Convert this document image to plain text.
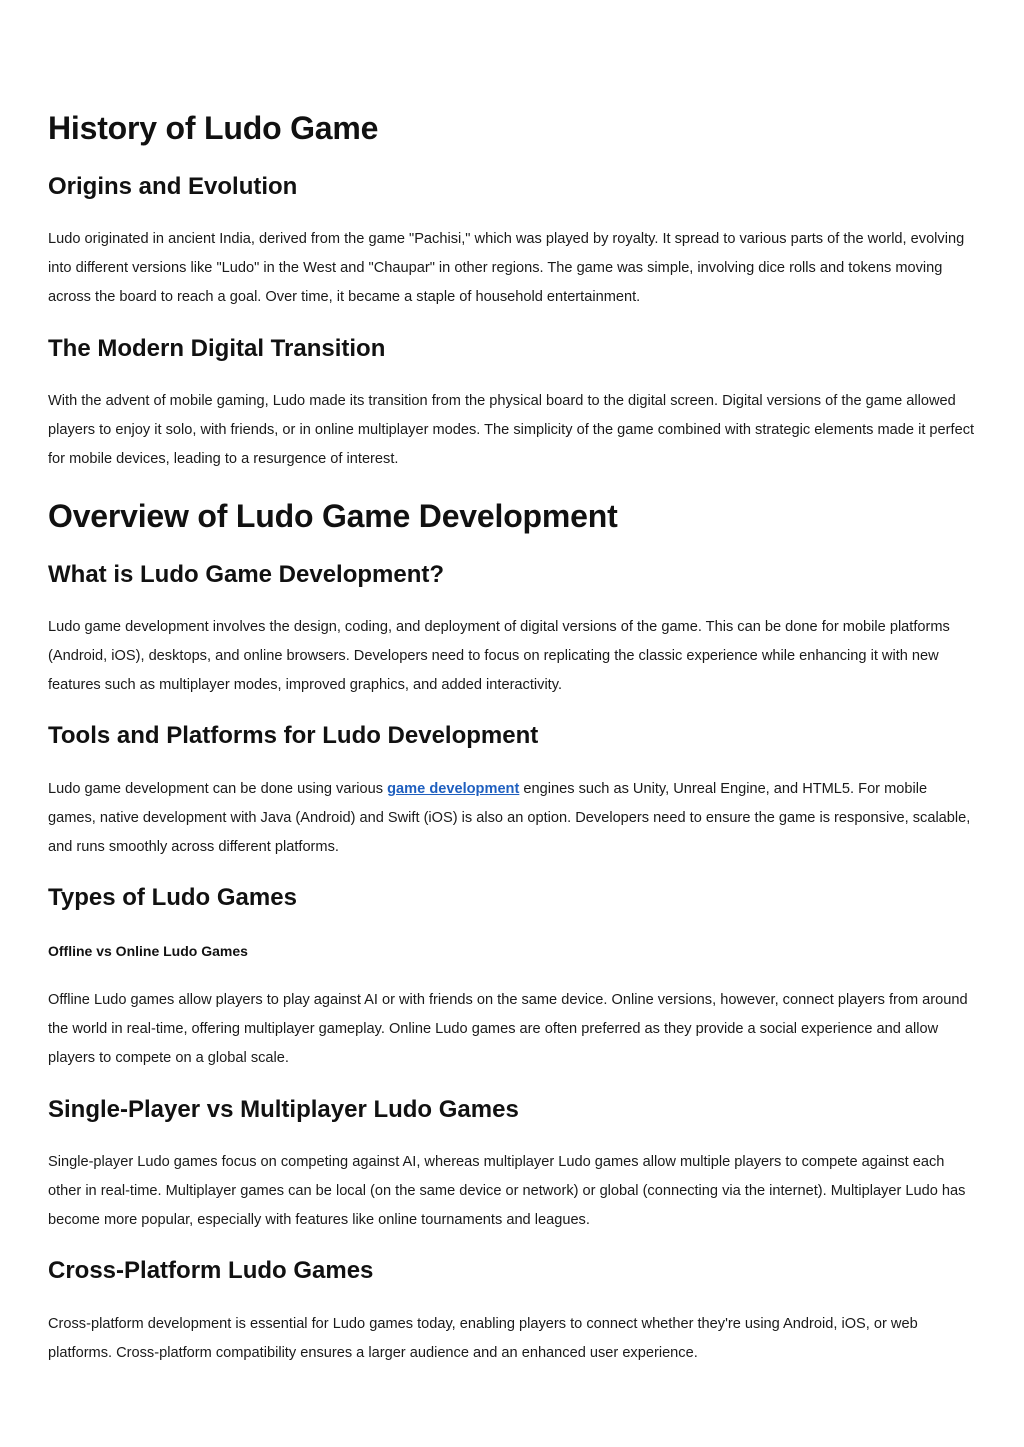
History of Ludo Game
Origins and Evolution

Ludo originated in ancient India, derived from the game "Pachisi," which was played by royalty. It spread to various parts of the world, evolving into different versions like "Ludo" in the West and "Chaupar" in other regions. The game was simple, involving dice rolls and tokens moving across the board to reach a goal. Over time, it became a staple of household entertainment.

The Modern Digital Transition

With the advent of mobile gaming, Ludo made its transition from the physical board to the digital screen. Digital versions of the game allowed players to enjoy it solo, with friends, or in online multiplayer modes. The simplicity of the game combined with strategic elements made it perfect for mobile devices, leading to a resurgence of interest.

Overview of Ludo Game Development
What is Ludo Game Development?

Ludo game development involves the design, coding, and deployment of digital versions of the game. This can be done for mobile platforms (Android, iOS), desktops, and online browsers. Developers need to focus on replicating the classic experience while enhancing it with new features such as multiplayer modes, improved graphics, and added interactivity.

Tools and Platforms for Ludo Development

Ludo game development can be done using various game development engines such as Unity, Unreal Engine, and HTML5. For mobile games, native development with Java (Android) and Swift (iOS) is also an option. Developers need to ensure the game is responsive, scalable, and runs smoothly across different platforms.

Types of Ludo Games
Offline vs Online Ludo Games

Offline Ludo games allow players to play against AI or with friends on the same device. Online versions, however, connect players from around the world in real-time, offering multiplayer gameplay. Online Ludo games are often preferred as they provide a social experience and allow players to compete on a global scale.

Single-Player vs Multiplayer Ludo Games

Single-player Ludo games focus on competing against AI, whereas multiplayer Ludo games allow multiple players to compete against each other in real-time. Multiplayer games can be local (on the same device or network) or global (connecting via the internet). Multiplayer Ludo has become more popular, especially with features like online tournaments and leagues.

Cross-Platform Ludo Games

Cross-platform development is essential for Ludo games today, enabling players to connect whether they're using Android, iOS, or web platforms. Cross-platform compatibility ensures a larger audience and an enhanced user experience.
